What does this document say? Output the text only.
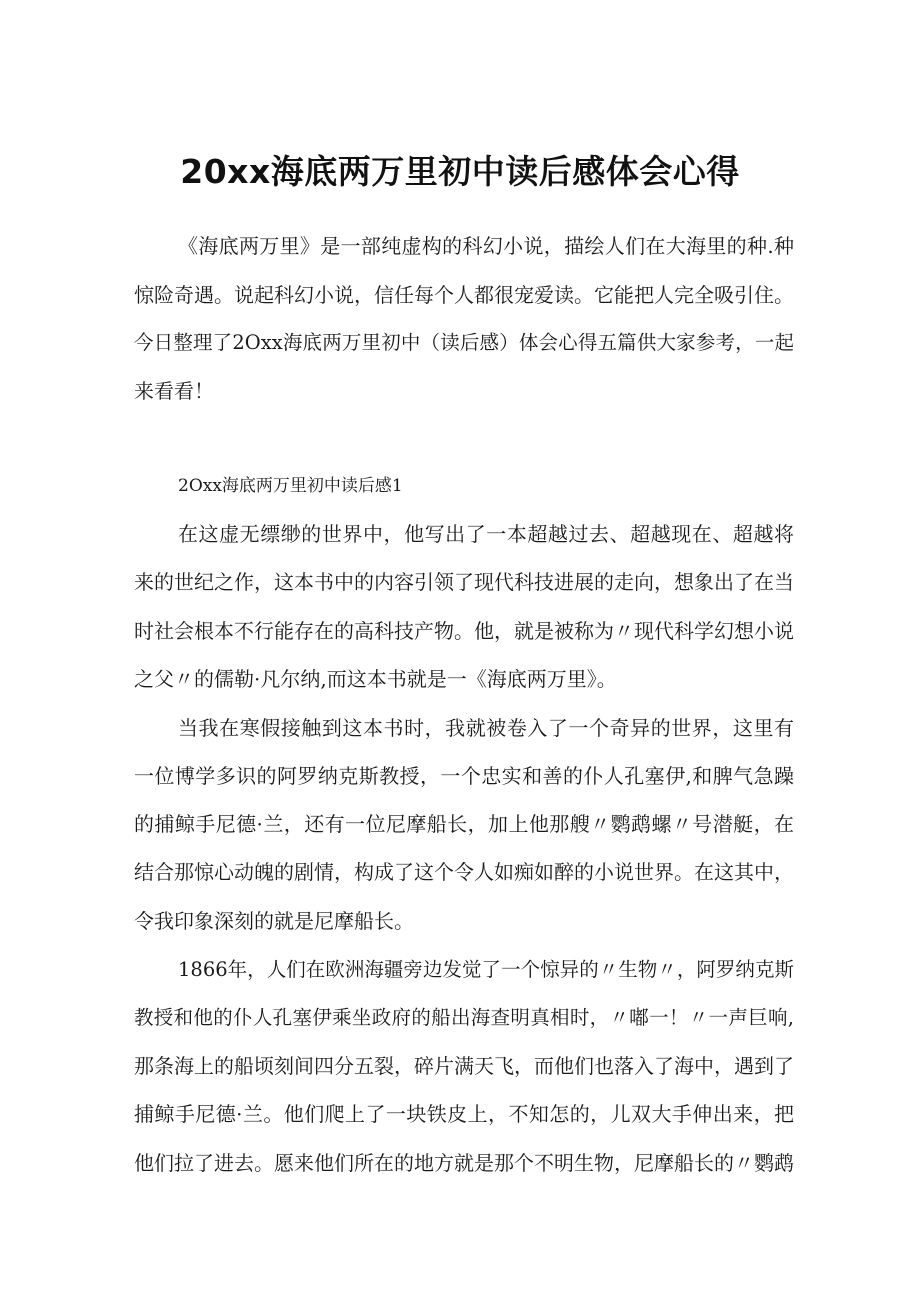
20xx海底两万里初中读后感体会心得
《海底两万里》是一部纯虚构的科幻小说，描绘人们在大海里的种.种
惊险奇遇。说起科幻小说，信任每个人都很宠爱读。它能把人完全吸引住。
今日整理了2Oxx海底两万里初中（读后感）体会心得五篇供大家参考，一起
来看看！
2Oxx海底两万里初中读后感1
在这虚无缥缈的世界中，他写出了一本超越过去、超越现在、超越将
来的世纪之作，这本书中的内容引领了现代科技进展的走向，想象出了在当
时社会根本不行能存在的高科技产物。他，就是被称为〃现代科学幻想小说
之父〃的儒勒·凡尔纳,而这本书就是一《海底两万里》。
当我在寒假接触到这本书时，我就被卷入了一个奇异的世界，这里有
一位博学多识的阿罗纳克斯教授，一个忠实和善的仆人孔塞伊,和脾气急躁
的捕鲸手尼德·兰，还有一位尼摩船长，加上他那艘〃鹦鹉螺〃号潜艇，在
结合那惊心动魄的剧情，构成了这个令人如痴如醉的小说世界。在这其中，
令我印象深刻的就是尼摩船长。
1866年，人们在欧洲海疆旁边发觉了一个惊异的〃生物〃，阿罗纳克斯
教授和他的仆人孔塞伊乘坐政府的船出海查明真相时，〃嘟一！〃一声巨响,
那条海上的船顷刻间四分五裂，碎片满天飞，而他们也落入了海中，遇到了
捕鲸手尼德·兰。他们爬上了一块铁皮上，不知怎的，儿双大手伸出来，把
他们拉了进去。愿来他们所在的地方就是那个不明生物，尼摩船长的〃鹦鹉
